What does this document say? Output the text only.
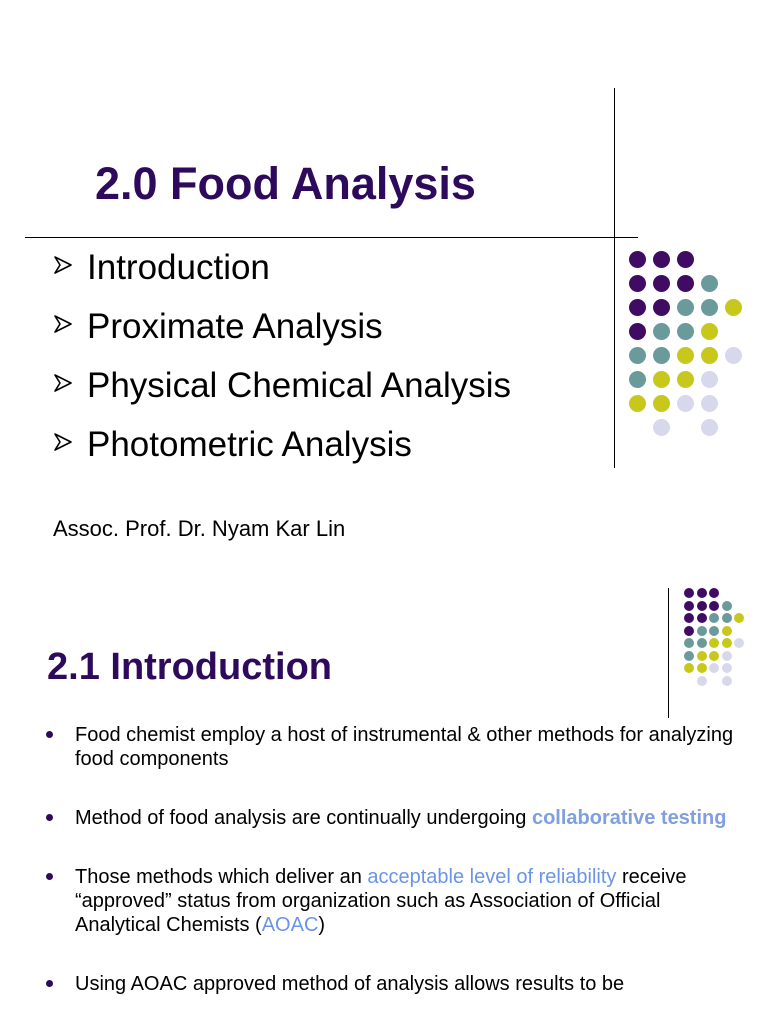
2.0 Food Analysis
Introduction
Proximate Analysis
Physical Chemical Analysis
Photometric Analysis
Assoc. Prof. Dr. Nyam Kar Lin
2.1 Introduction
Food chemist employ a host of instrumental & other methods for analyzing food components
Method of food analysis are continually undergoing collaborative testing
Those methods which deliver an acceptable level of reliability receive “approved” status from organization such as Association of Official Analytical Chemists (AOAC)
Using AOAC approved method of analysis allows results to be
